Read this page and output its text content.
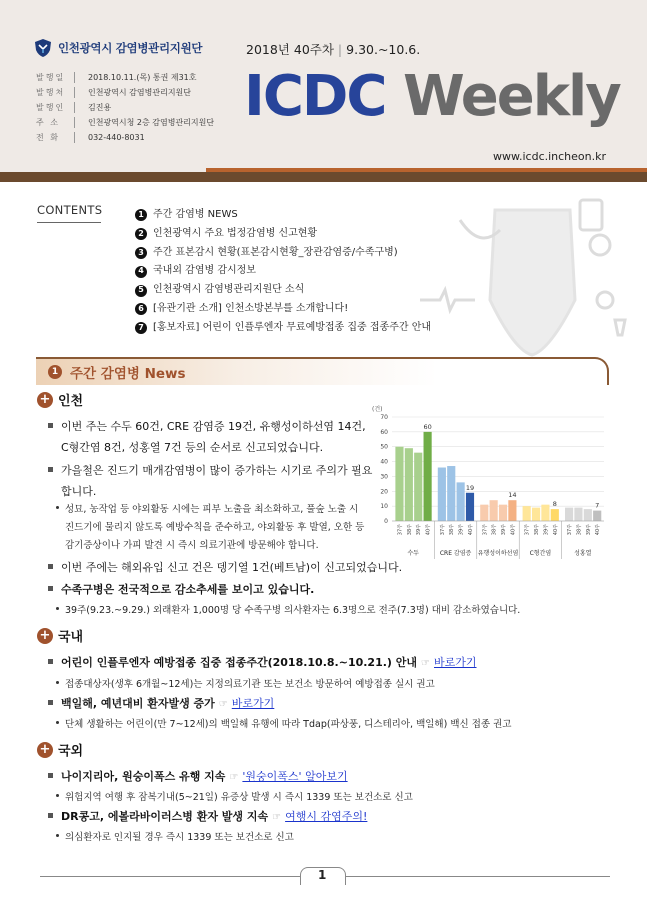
인천광역시 감염병관리지원단	2018년 40주차 | 9.30.~10.6.
발행일	2018.10.11.(목) 통권 제31호
발행처	인천광역시 감염병관리지원단
발행인	김진용
주 소	인천광역시청 2층 감염병관리지원단
전 화	032-440-8031
ICDC Weekly
www.icdc.incheon.kr
CONTENTS	1 주간 감염병 NEWS
2 인천광역시 주요 법정감염병 신고현황
3 주간 표본감시 현황(표본감시현황_장관감염증/수족구병)
4 국내외 감염병 감시정보
5 인천광역시 감염병관리지원단 소식
6 [유관기관 소개] 인천소방본부를 소개합니다!
7 [홍보자료] 어린이 인플루엔자 무료예방접종 집중 접종주간 안내
1 주간 감염병 News
+ 인천
이번 주는 수두 60건, CRE 감염증 19건, 유행성이하선염 14건,
C형간염 8건, 성홍열 7건 등의 순서로 신고되었습니다.
가을철은 진드기 매개감염병이 많이 증가하는 시기로 주의가 필요
합니다.
성묘, 농작업 등 야외활동 시에는 피부 노출을 최소화하고, 풀숲 노출 시
진드기에 물리지 않도록 예방수칙을 준수하고, 야외활동 후 발열, 오한 등
감기증상이나 가피 발견 시 즉시 의료기관에 방문해야 합니다.
이번 주에는 해외유입 신고 건은 뎅기열 1건(베트남)이 신고되었습니다.
수족구병은 전국적으로 감소추세를 보이고 있습니다.
39주(9.23.~9.29.) 외래환자 1,000명 당 수족구병 의사환자는 6.3명으로 전주(7.3명) 대비 감소하였습니다.
(건)
0
10
20
30
40
50
60
70
37주 38주 39주 40주
60
수두
37주 38주 39주 40주
19
CRE 감염증
37주 38주 39주 40주
14
유행성이하선염
37주 38주 39주 40주
8
C형간염
37주 38주 39주 40주
7
성홍열
+ 국내
어린이 인플루엔자 예방접종 집중 접종주간(2018.10.8.~10.21.) 안내 ☞ 바로가기
접종대상자(생후 6개월~12세)는 지정의료기관 또는 보건소 방문하여 예방접종 실시 권고
백일해, 예년대비 환자발생 증가 ☞ 바로가기
단체 생활하는 어린이(만 7~12세)의 백일해 유행에 따라 Tdap(파상풍, 디스테리아, 백일해) 백신 접종 권고
+ 국외
나이지리아, 원숭이폭스 유행 지속 ☞ '원숭이폭스' 알아보기
위험지역 여행 후 잠복기내(5~21일) 유증상 발생 시 즉시 1339 또는 보건소로 신고
DR콩고, 에볼라바이러스병 환자 발생 지속 ☞ 여행시 감염주의!
의심환자로 인지될 경우 즉시 1339 또는 보건소로 신고
1
